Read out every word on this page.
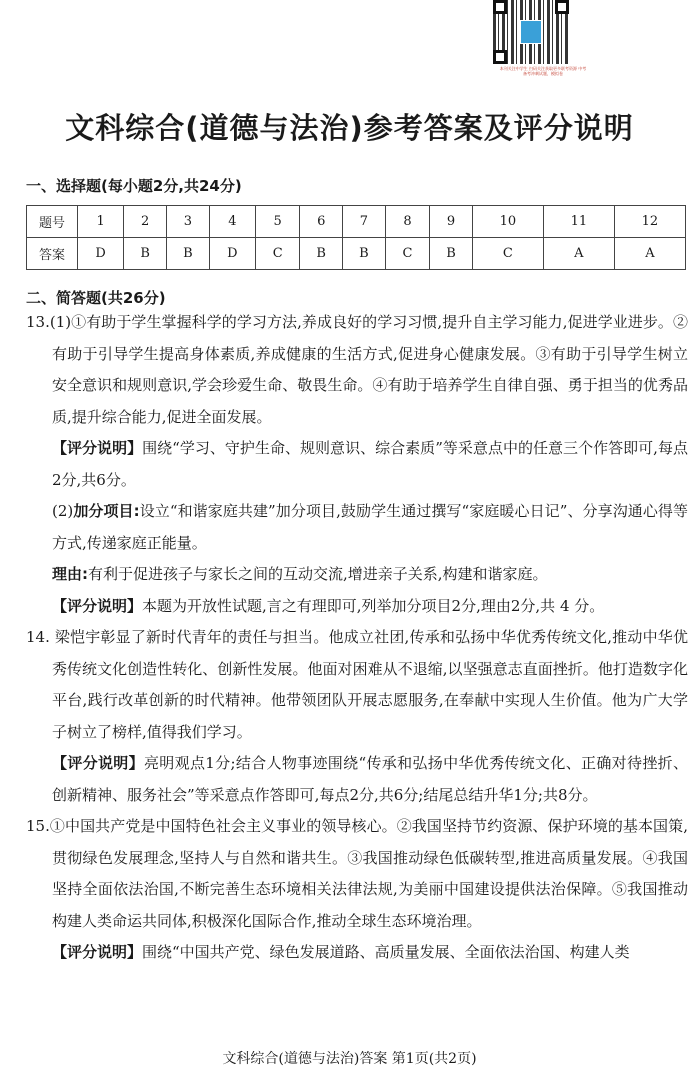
本刊关注中学生 扫码关注获取更多联考资源 中考备考冲刺试题，模拟卷
文科综合(道德与法治)参考答案及评分说明
一、选择题(每小题2分,共24分)
题号	1	2	3	4	5	6	7	8	9	10	11	12
答案	D	B	B	D	C	B	B	C	B	C	A	A
二、简答题(共26分)

13.(1)①有助于学生掌握科学的学习方法,养成良好的学习习惯,提升自主学习能力,促进学业进步。②有助于引导学生提高身体素质,养成健康的生活方式,促进身心健康发展。③有助于引导学生树立安全意识和规则意识,学会珍爱生命、敬畏生命。④有助于培养学生自律自强、勇于担当的优秀品质,提升综合能力,促进全面发展。

【评分说明】围绕“学习、守护生命、规则意识、综合素质”等采意点中的任意三个作答即可,每点2分,共6分。

(2)加分项目:设立“和谐家庭共建”加分项目,鼓励学生通过撰写“家庭暖心日记”、分享沟通心得等方式,传递家庭正能量。

理由:有利于促进孩子与家长之间的互动交流,增进亲子关系,构建和谐家庭。

【评分说明】本题为开放性试题,言之有理即可,列举加分项目2分,理由2分,共 4 分。

14. 梁恺宇彰显了新时代青年的责任与担当。他成立社团,传承和弘扬中华优秀传统文化,推动中华优秀传统文化创造性转化、创新性发展。他面对困难从不退缩,以坚强意志直面挫折。他打造数字化平台,践行改革创新的时代精神。他带领团队开展志愿服务,在奉献中实现人生价值。他为广大学子树立了榜样,值得我们学习。

【评分说明】亮明观点1分;结合人物事迹围绕“传承和弘扬中华优秀传统文化、正确对待挫折、创新精神、服务社会”等采意点作答即可,每点2分,共6分;结尾总结升华1分;共8分。

15.①中国共产党是中国特色社会主义事业的领导核心。②我国坚持节约资源、保护环境的基本国策,贯彻绿色发展理念,坚持人与自然和谐共生。③我国推动绿色低碳转型,推进高质量发展。④我国坚持全面依法治国,不断完善生态环境相关法律法规,为美丽中国建设提供法治保障。⑤我国推动构建人类命运共同体,积极深化国际合作,推动全球生态环境治理。

【评分说明】围绕“中国共产党、绿色发展道路、高质量发展、全面依法治国、构建人类

文科综合(道德与法治)答案 第1页(共2页)
